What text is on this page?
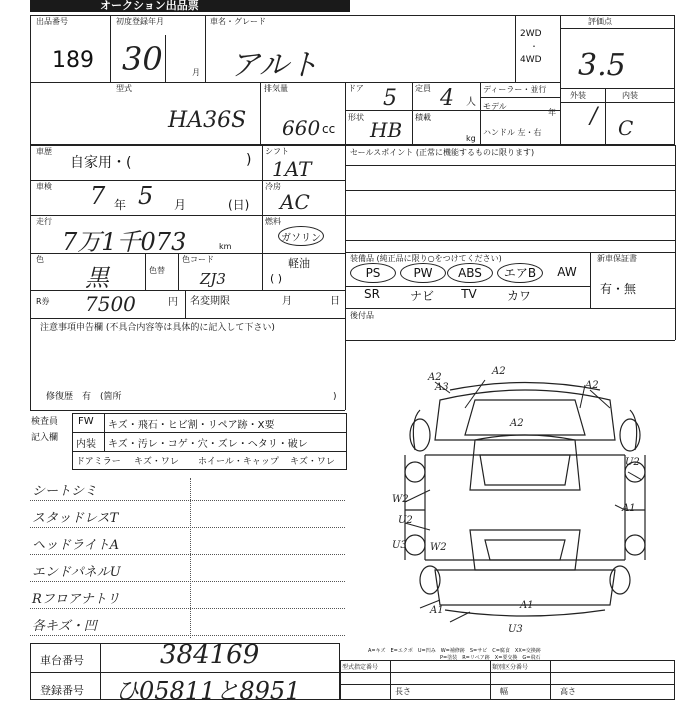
オークション出品票
出品番号
189
初度登録年月
30	月
車名・グレード
アルト
2WD
・
4WD
評価点
3.5
外装	内装
/ C
型式
HA36S
排気量
660 cc
ドア 5 定員 4 人
ディーラー・並行
モデル
年
形状
HB
積載
kg
ハンドル 左・右
車歴
自家用・(	)
シフト
1AT
車検 7 年 5 月	(日)
冷房
AC
走行
7万1千073	km
燃料
ガソリン
軽油
( )
色
黒	色替
色コード
ZJ3
R券 7500	円 名変期限	月	日
注意事項申告欄 (不具合内容等は具体的に記入して下さい)
修復歴　有　(箇所	)
セールスポイント (正常に機能するものに限ります)
装備品 (純正品に限り○をつけてください)	新車保証書
有・無
PS	PW	ABS	エアB	AW
SR	ナビ	TV	カワ
後付品
検査員
記入欄
FW キズ・飛石・ヒビ割・リペア跡・X要
内装 キズ・汚レ・コゲ・穴・ズレ・ヘタリ・破レ
ドアミラー キズ・ワレ ホイール・キャップ キズ・ワレ
シートシミ
スタッドレスT
ヘッドライトA
エンドパネルU
Rフロアナトリ
各キズ・凹
A2
A2
A3	A2
A2
U2
W2
U2
A1
W2
U3
A1
A1
U3
A=キズ　E=エクボ　U=凹み　W=補修跡　S=サビ　C=腐食　XX=交換跡
P=塗装　R=リペア跡　X=要交換　G=飛石
車台番号	384169
登録番号 ひ05811と8951
型式指定番号	類別区分番号
長さ	幅	高さ
